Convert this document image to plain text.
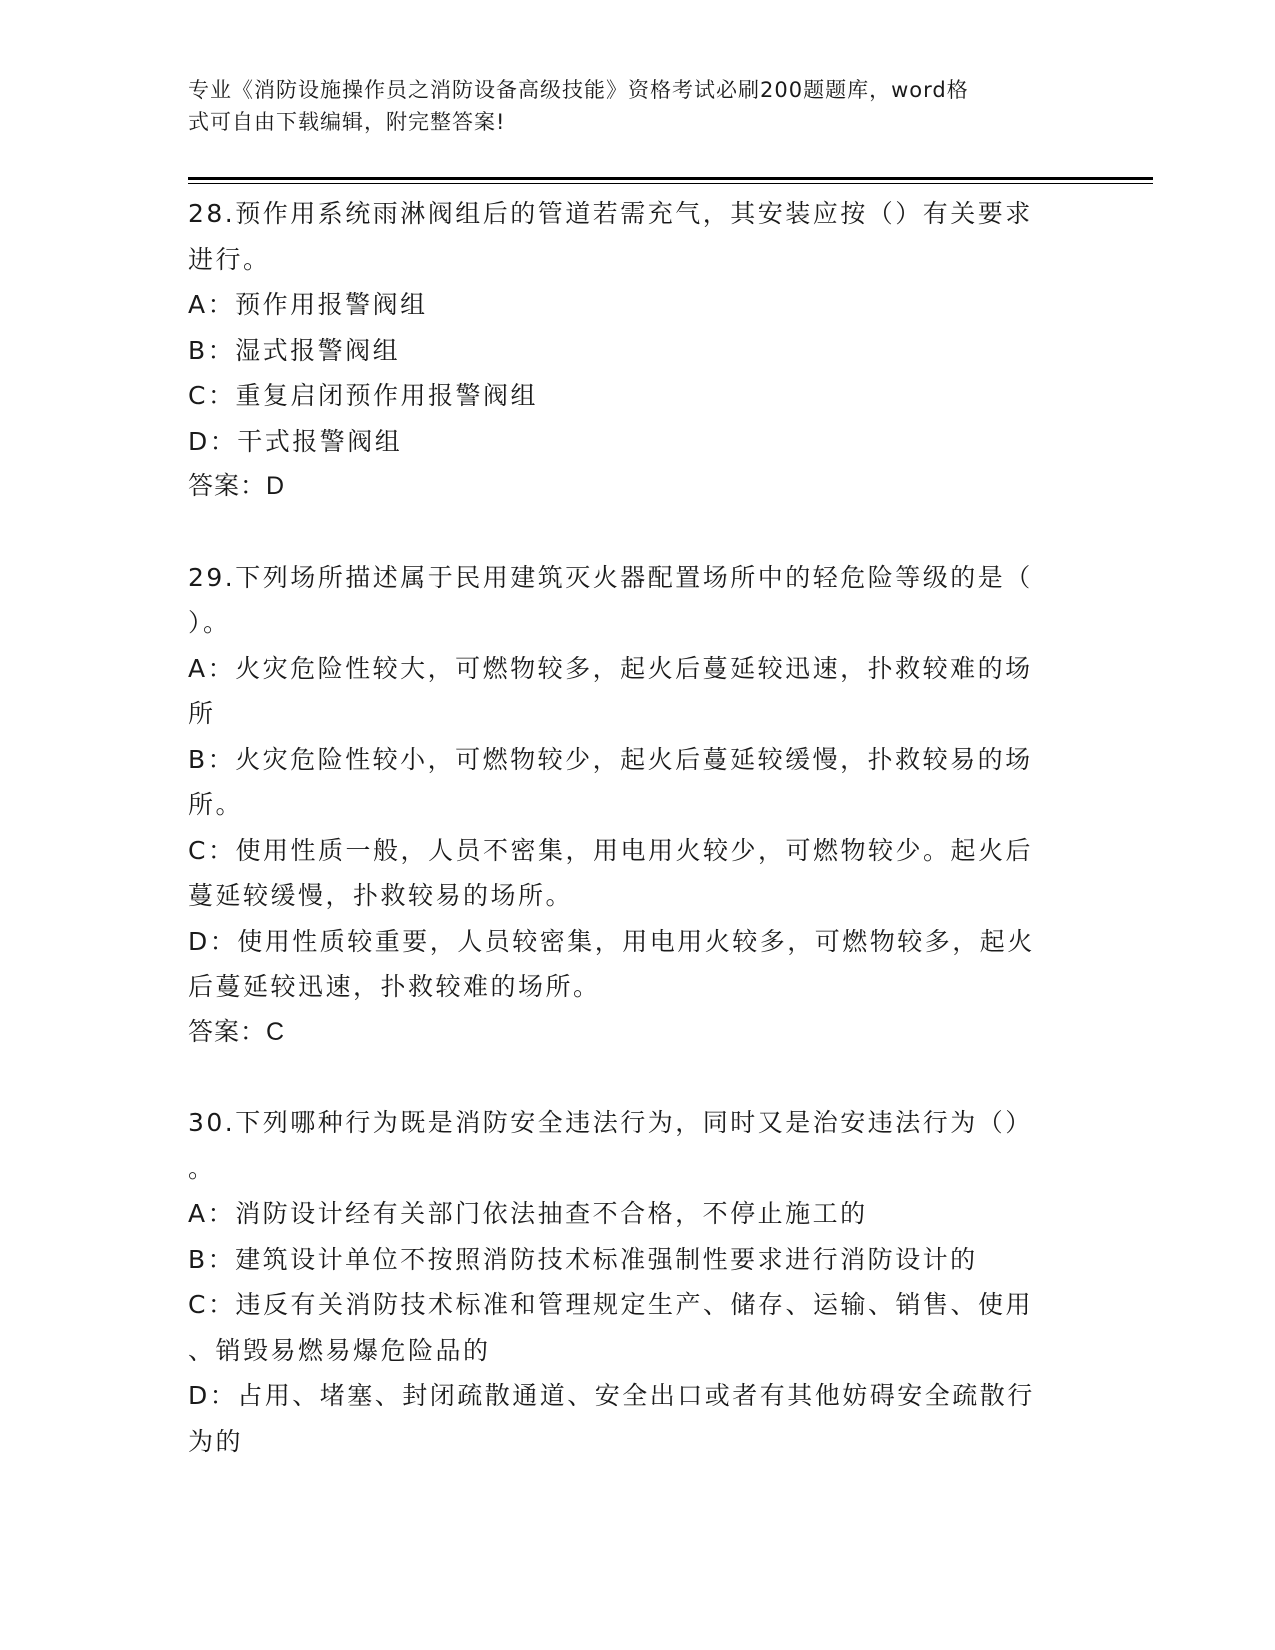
专业《消防设施操作员之消防设备高级技能》资格考试必刷200题题库，word格
式可自由下载编辑，附完整答案!
28.预作用系统雨淋阀组后的管道若需充气，其安装应按（）有关要求
进行。
A：预作用报警阀组
B：湿式报警阀组
C：重复启闭预作用报警阀组
D：干式报警阀组
答案：D
29.下列场所描述属于民用建筑灭火器配置场所中的轻危险等级的是（
）。
A：火灾危险性较大，可燃物较多，起火后蔓延较迅速，扑救较难的场
所
B：火灾危险性较小，可燃物较少，起火后蔓延较缓慢，扑救较易的场
所。
C：使用性质一般，人员不密集，用电用火较少，可燃物较少。起火后
蔓延较缓慢，扑救较易的场所。
D：使用性质较重要，人员较密集，用电用火较多，可燃物较多，起火
后蔓延较迅速，扑救较难的场所。
答案：C
30.下列哪种行为既是消防安全违法行为，同时又是治安违法行为（）
。
A：消防设计经有关部门依法抽查不合格，不停止施工的
B：建筑设计单位不按照消防技术标准强制性要求进行消防设计的
C：违反有关消防技术标准和管理规定生产、储存、运输、销售、使用
、销毁易燃易爆危险品的
D：占用、堵塞、封闭疏散通道、安全出口或者有其他妨碍安全疏散行
为的
